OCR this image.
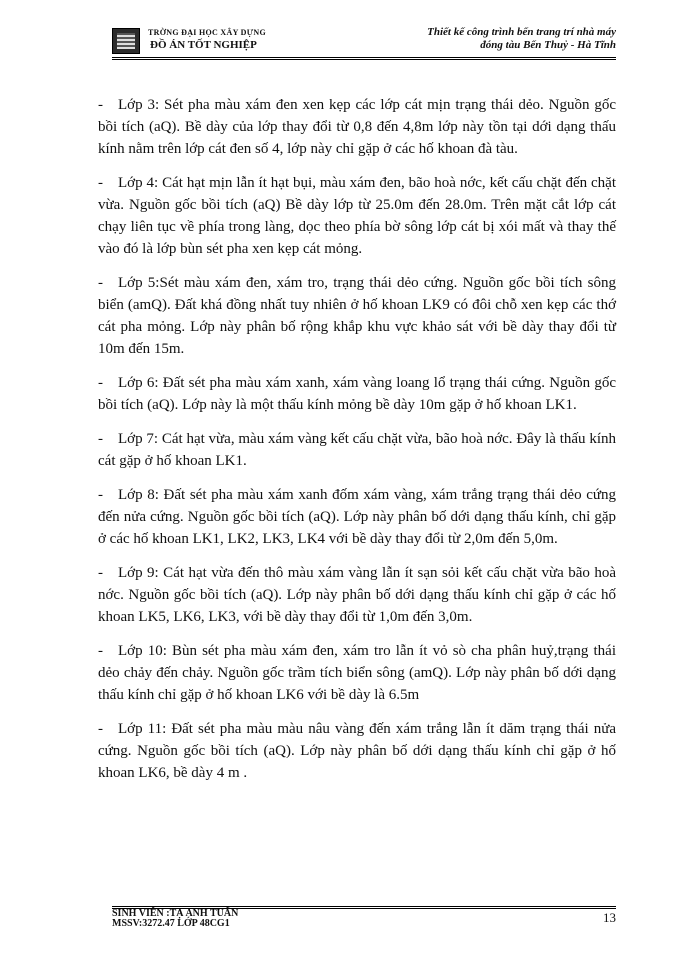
TRỜNG ĐẠI HỌC XÂY DỰNG
ĐỒ ÁN TỐT NGHIỆP
Thiết kế công trình bến trang trí nhà máy
đóng tàu Bến Thuỷ - Hà Tĩnh

- Lớp 3: Sét pha màu xám đen xen kẹp các lớp cát mịn trạng thái dẻo. Nguồn gốc bồi tích (aQ). Bề dày của lớp thay đổi từ 0,8 đến 4,8m lớp này tồn tại dới dạng thấu kính nằm trên lớp cát đen số 4, lớp này chỉ gặp ở các hố khoan đà tàu.

- Lớp 4: Cát hạt mịn lẫn ít hạt bụi, màu xám đen, bão hoà nớc, kết cấu chặt đến chặt vừa. Nguồn gốc bồi tích (aQ) Bề dày lớp từ 25.0m đến 28.0m. Trên mặt cắt lớp cát chạy liên tục về phía trong làng, dọc theo phía bờ sông lớp cát bị xói mất và thay thế vào đó là lớp bùn sét pha xen kẹp cát mỏng.

- Lớp 5:Sét màu xám đen, xám tro, trạng thái dẻo cứng. Nguồn gốc bồi tích sông biển (amQ). Đất khá đồng nhất tuy nhiên ở hố khoan LK9 có đôi chỗ xen kẹp các thớ cát pha mỏng. Lớp này phân bố rộng khắp khu vực khảo sát với bề dày thay đổi từ 10m đến 15m.

- Lớp 6: Đất sét pha màu xám xanh, xám vàng loang lổ trạng thái cứng. Nguồn gốc bồi tích (aQ). Lớp này là một thấu kính mỏng bề dày 10m gặp ở hố khoan LK1.

- Lớp 7: Cát hạt vừa, màu xám vàng kết cấu chặt vừa, bão hoà nớc. Đây là thấu kính cát gặp ở hố khoan LK1.

- Lớp 8: Đất sét pha màu xám xanh đốm xám vàng, xám trắng trạng thái dẻo cứng đến nửa cứng. Nguồn gốc bồi tích (aQ). Lớp này phân bố dới dạng thấu kính, chỉ gặp ở các hố khoan LK1, LK2, LK3, LK4 với bề dày thay đổi từ 2,0m đến 5,0m.

- Lớp 9: Cát hạt vừa đến thô màu xám vàng lẫn ít sạn sỏi kết cấu chặt vừa bão hoà nớc. Nguồn gốc bồi tích (aQ). Lớp này phân bố dới dạng thấu kính chỉ gặp ở các hố khoan LK5, LK6, LK3, với bề dày thay đổi từ 1,0m đến 3,0m.

- Lớp 10: Bùn sét pha màu xám đen, xám tro lẫn ít vỏ sò cha phân huỷ,trạng thái dẻo chảy đến chảy. Nguồn gốc trầm tích biển sông (amQ). Lớp này phân bố dới dạng thấu kính chỉ gặp ở hố khoan LK6 với bề dày là 6.5m

- Lớp 11: Đất sét pha màu màu nâu vàng đến xám trắng lẫn ít dăm trạng thái nửa cứng. Nguồn gốc bồi tích (aQ). Lớp này phân bố dới dạng thấu kính chỉ gặp ở hố khoan LK6, bề dày 4 m .

SINH VIÊN :TẠ ANH TUẤN
MSSV:3272.47 LỚP 48CG1	13
